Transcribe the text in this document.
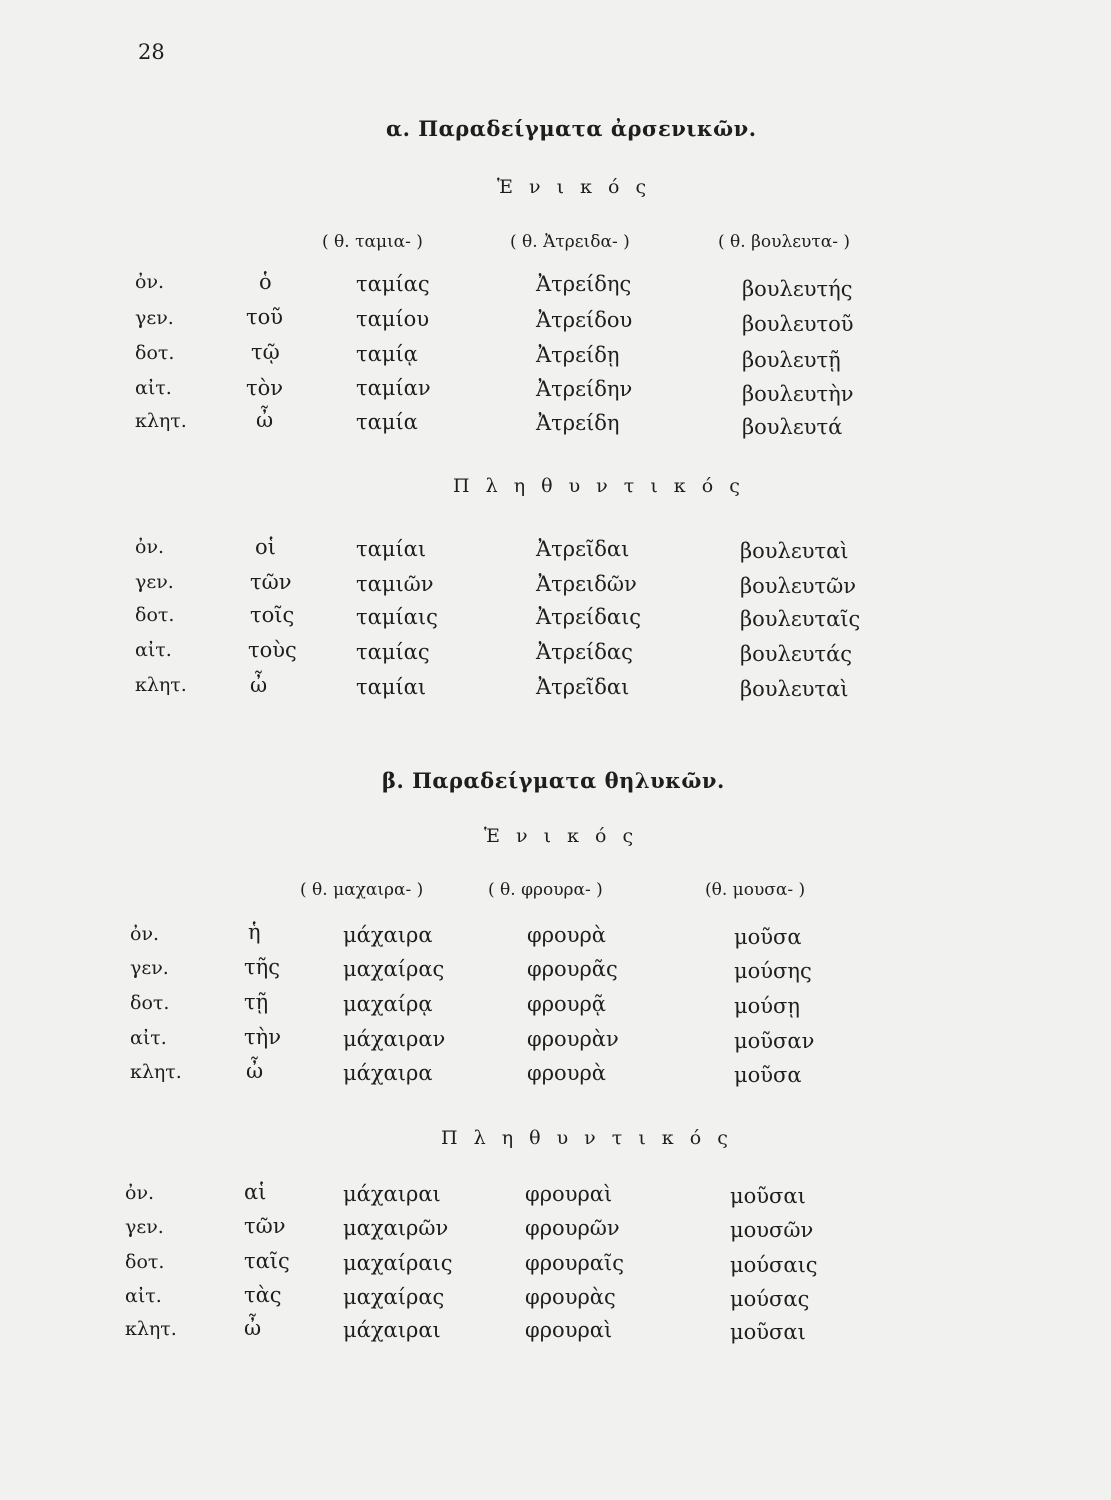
28
α. Παραδείγματα ἀρσενικῶν.
Ἑ ν ι κ ό ς
( θ. ταμια- )	( θ. Ἀτρειδα- )	( θ. βουλευτα- )
ὀν.	ὁ	ταμίας	Ἀτρείδης	βουλευτής
γεν.	τοῦ	ταμίου	Ἀτρείδου	βουλευτοῦ
δοτ.	τῷ	ταμίᾳ	Ἀτρείδῃ	βουλευτῇ
αἰτ.	τὸν	ταμίαν	Ἀτρείδην	βουλευτὴν
κλητ.	ὦ	ταμία	Ἀτρείδη	βουλευτά
Π λ η θ υ ν τ ι κ ό ς
ὀν.	οἱ	ταμίαι	Ἀτρεῖδαι	βουλευταὶ
γεν.	τῶν	ταμιῶν	Ἀτρειδῶν	βουλευτῶν
δοτ.	τοῖς	ταμίαις	Ἀτρείδαις	βουλευταῖς
αἰτ.	τοὺς	ταμίας	Ἀτρείδας	βουλευτάς
κλητ.	ὦ	ταμίαι	Ἀτρεῖδαι	βουλευταὶ
β. Παραδείγματα θηλυκῶν.
Ἑ ν ι κ ό ς
( θ. μαχαιρα- )	( θ. φρουρα- )	(θ. μουσα- )
ὀν.	ἡ	μάχαιρα	φρουρὰ	μοῦσα
γεν.	τῆς	μαχαίρας	φρουρᾶς	μούσης
δοτ.	τῇ	μαχαίρᾳ	φρουρᾷ	μούσῃ
αἰτ.	τὴν	μάχαιραν	φρουρὰν	μοῦσαν
κλητ.	ὦ	μάχαιρα	φρουρὰ	μοῦσα
Π λ η θ υ ν τ ι κ ό ς
ὀν.	αἱ	μάχαιραι	φρουραὶ	μοῦσαι
γεν.	τῶν	μαχαιρῶν	φρουρῶν	μουσῶν
δοτ.	ταῖς	μαχαίραις	φρουραῖς	μούσαις
αἰτ.	τὰς	μαχαίρας	φρουρὰς	μούσας
κλητ.	ὦ	μάχαιραι	φρουραὶ	μοῦσαι
